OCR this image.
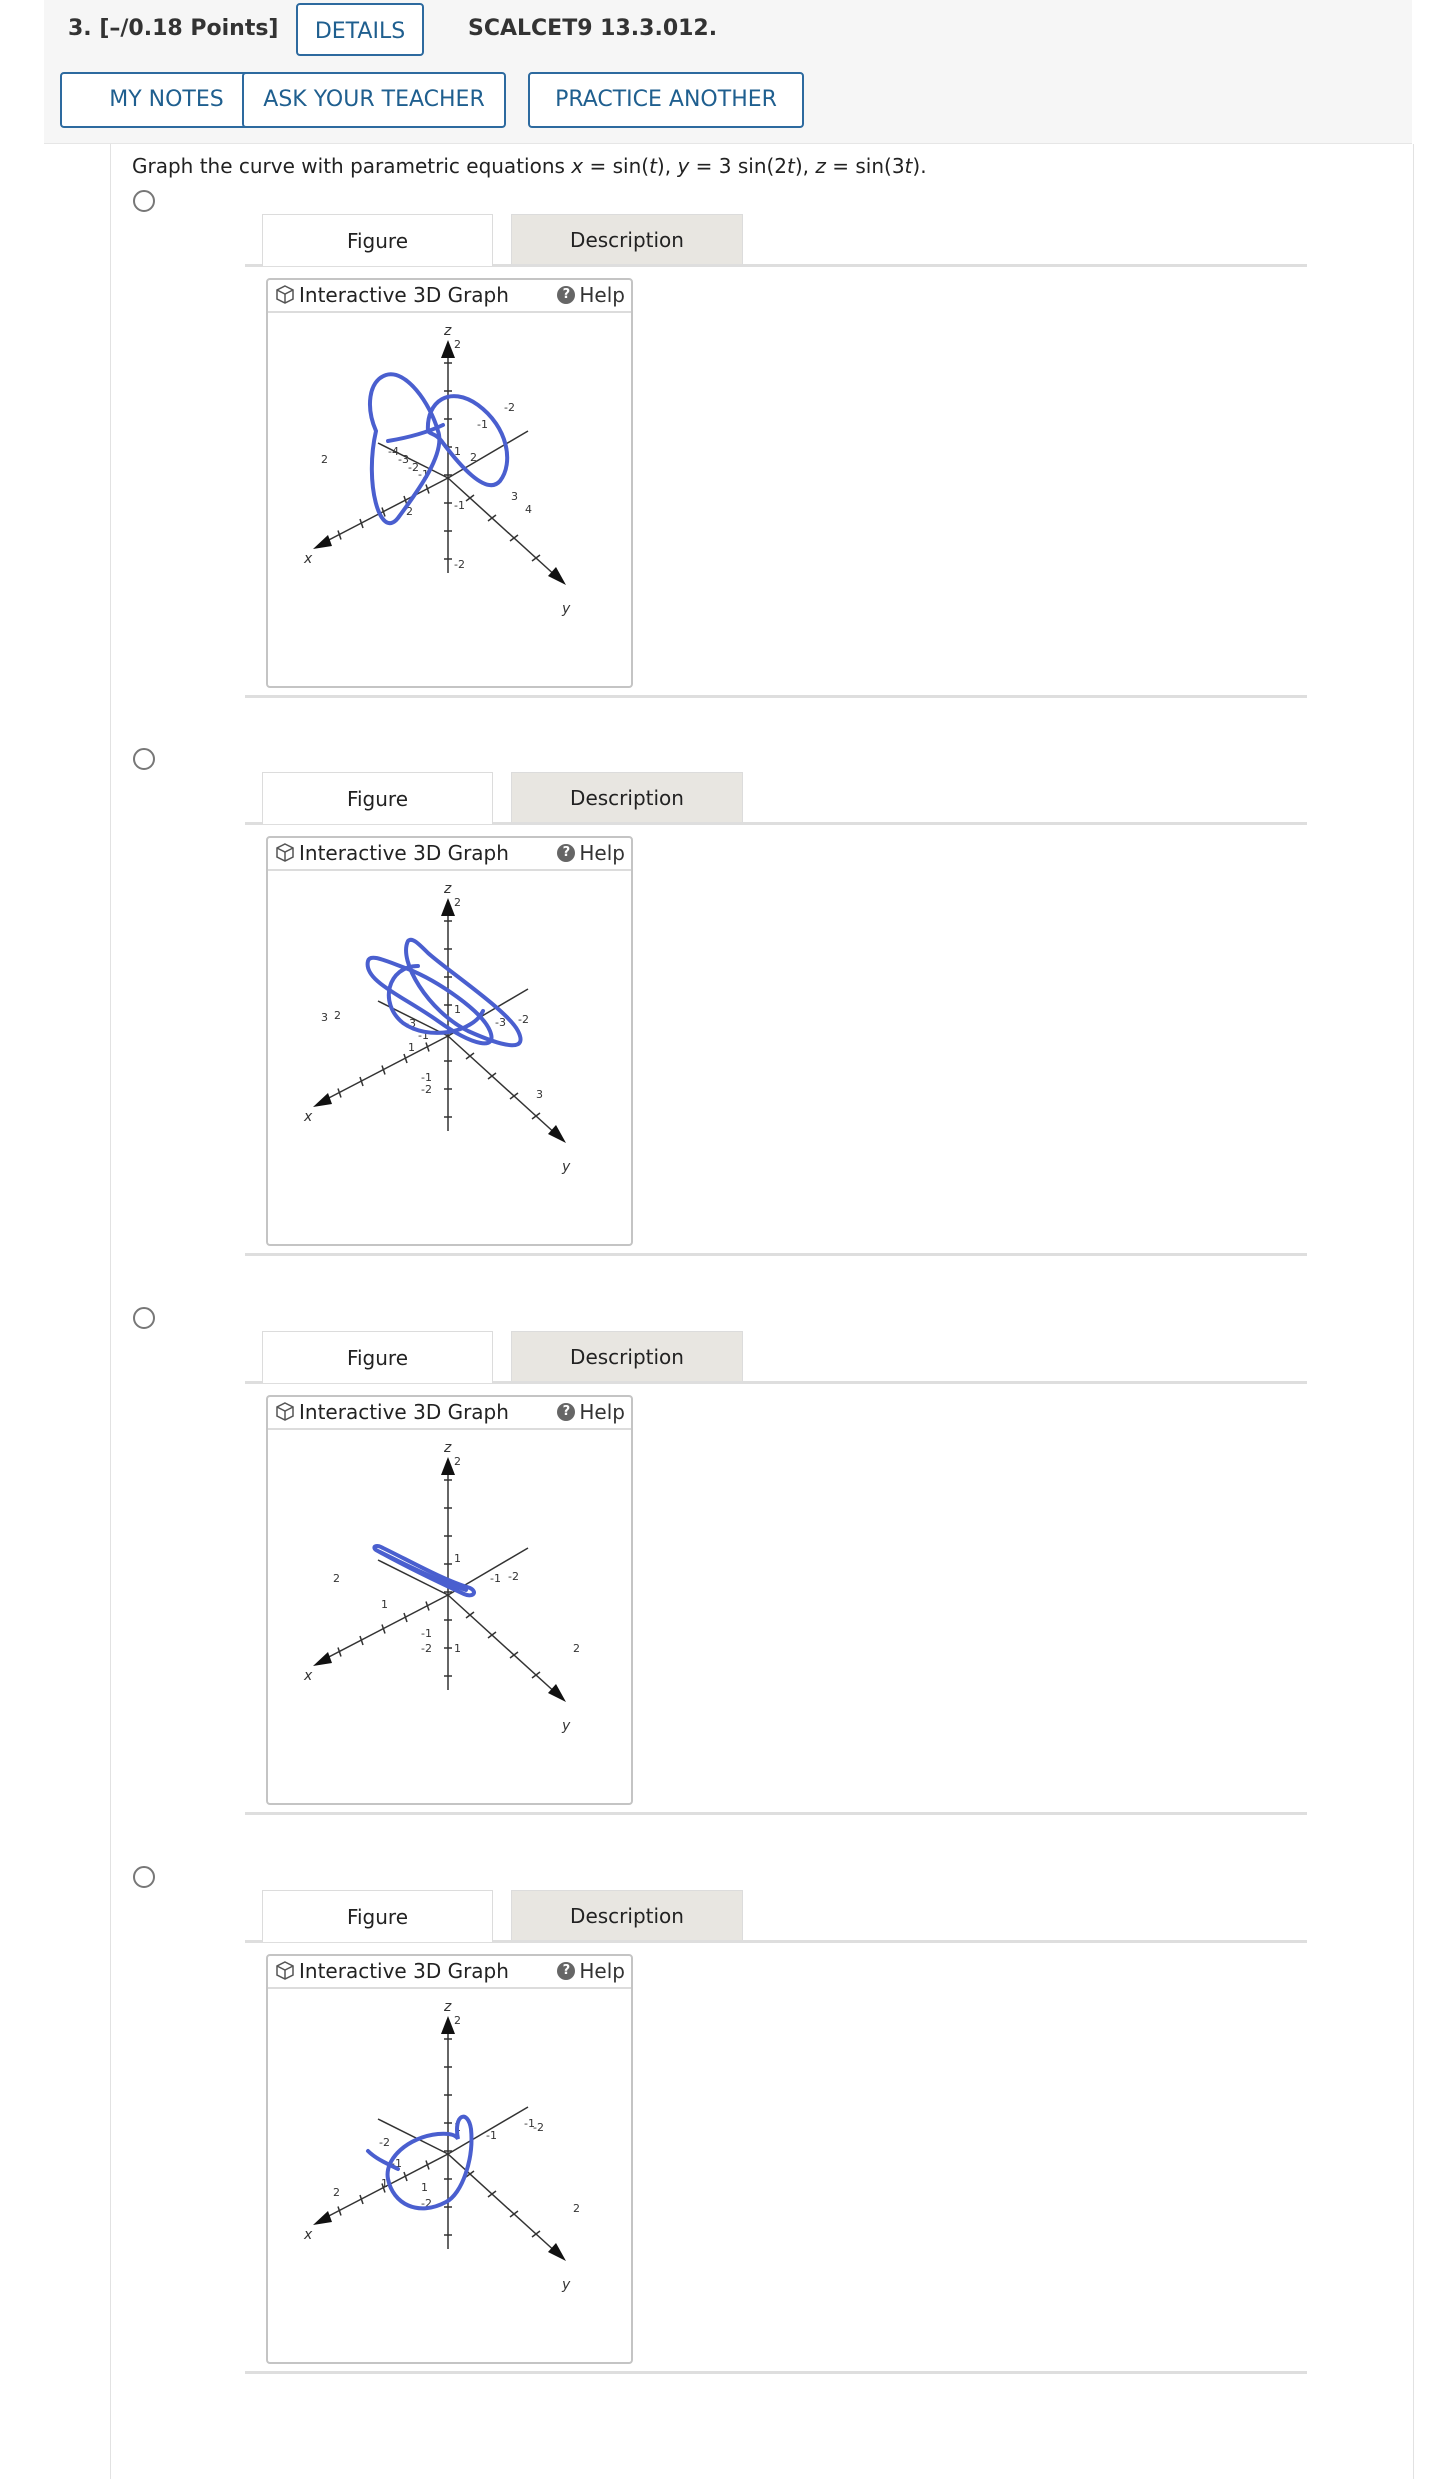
3. [–/0.18 Points]	DETAILS	SCALCET9 13.3.012.
MY NOTES	ASK YOUR TEACHER	PRACTICE ANOTHER
Graph the curve with parametric equations x = sin(t), y = 3 sin(2t), z = sin(3t).
Figure	Description
Interactive 3D Graph	? Help
z
x
y
2
1
-1
-2
2
3
4
-4
-3
-2
-1
2
-2
-1
2
Figure	Description
Interactive 3D Graph	? Help
z
x
y
2
1
-3
3	-3 -2
-1
1
2
3
-1
-2
Figure	Description
Interactive 3D Graph	? Help
z
x
y
2
1
-1
-2
1
2
1
-1 -2
2
Figure	Description
Interactive 3D Graph	? Help
z
x
y
2
1
-2
-1
1
2
-1
-2
1
2
-1
-2
